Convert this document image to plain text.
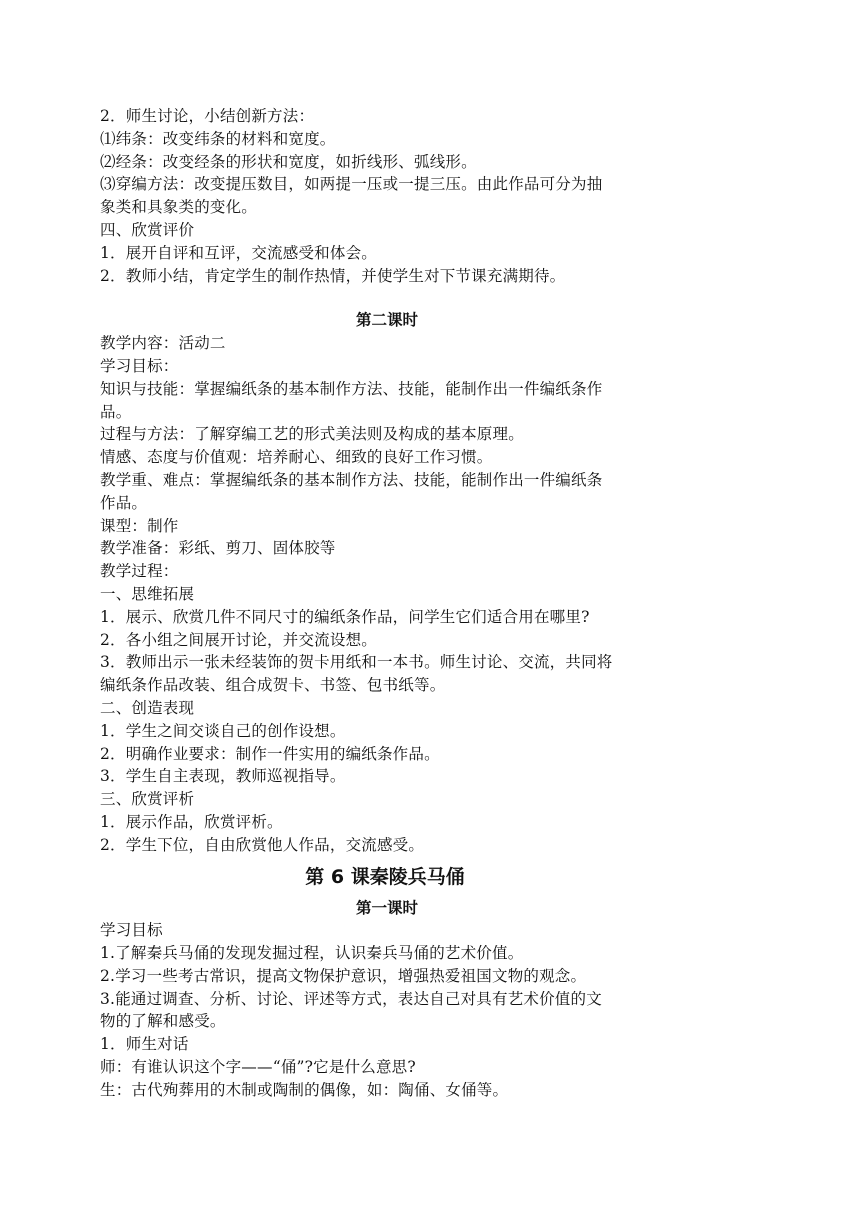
2．师生讨论，小结创新方法：

⑴纬条：改变纬条的材料和宽度。

⑵经条：改变经条的形状和宽度，如折线形、弧线形。

⑶穿编方法：改变提压数目，如两提一压或一提三压。由此作品可分为抽

象类和具象类的变化。

四、欣赏评价

1．展开自评和互评，交流感受和体会。

2．教师小结，肯定学生的制作热情，并使学生对下节课充满期待。

第二课时

教学内容：活动二

学习目标：

知识与技能：掌握编纸条的基本制作方法、技能，能制作出一件编纸条作

品。

过程与方法：了解穿编工艺的形式美法则及构成的基本原理。

情感、态度与价值观：培养耐心、细致的良好工作习惯。

教学重、难点：掌握编纸条的基本制作方法、技能，能制作出一件编纸条

作品。

课型：制作

教学准备：彩纸、剪刀、固体胶等

教学过程：

一、思维拓展

1．展示、欣赏几件不同尺寸的编纸条作品，问学生它们适合用在哪里?

2．各小组之间展开讨论，并交流设想。

3．教师出示一张未经装饰的贺卡用纸和一本书。师生讨论、交流，共同将

编纸条作品改装、组合成贺卡、书签、包书纸等。

二、创造表现

1．学生之间交谈自己的创作设想。

2．明确作业要求：制作一件实用的编纸条作品。

3．学生自主表现，教师巡视指导。

三、欣赏评析

1．展示作品，欣赏评析。

2．学生下位，自由欣赏他人作品，交流感受。

第 6 课秦陵兵马俑
第一课时

学习目标

1.了解秦兵马俑的发现发掘过程，认识秦兵马俑的艺术价值。

2.学习一些考古常识，提高文物保护意识，增强热爱祖国文物的观念。

3.能通过调查、分析、讨论、评述等方式，表达自己对具有艺术价值的文

物的了解和感受。

1．师生对话

师：有谁认识这个字——“俑”?它是什么意思?

生：古代殉葬用的木制或陶制的偶像，如：陶俑、女俑等。
